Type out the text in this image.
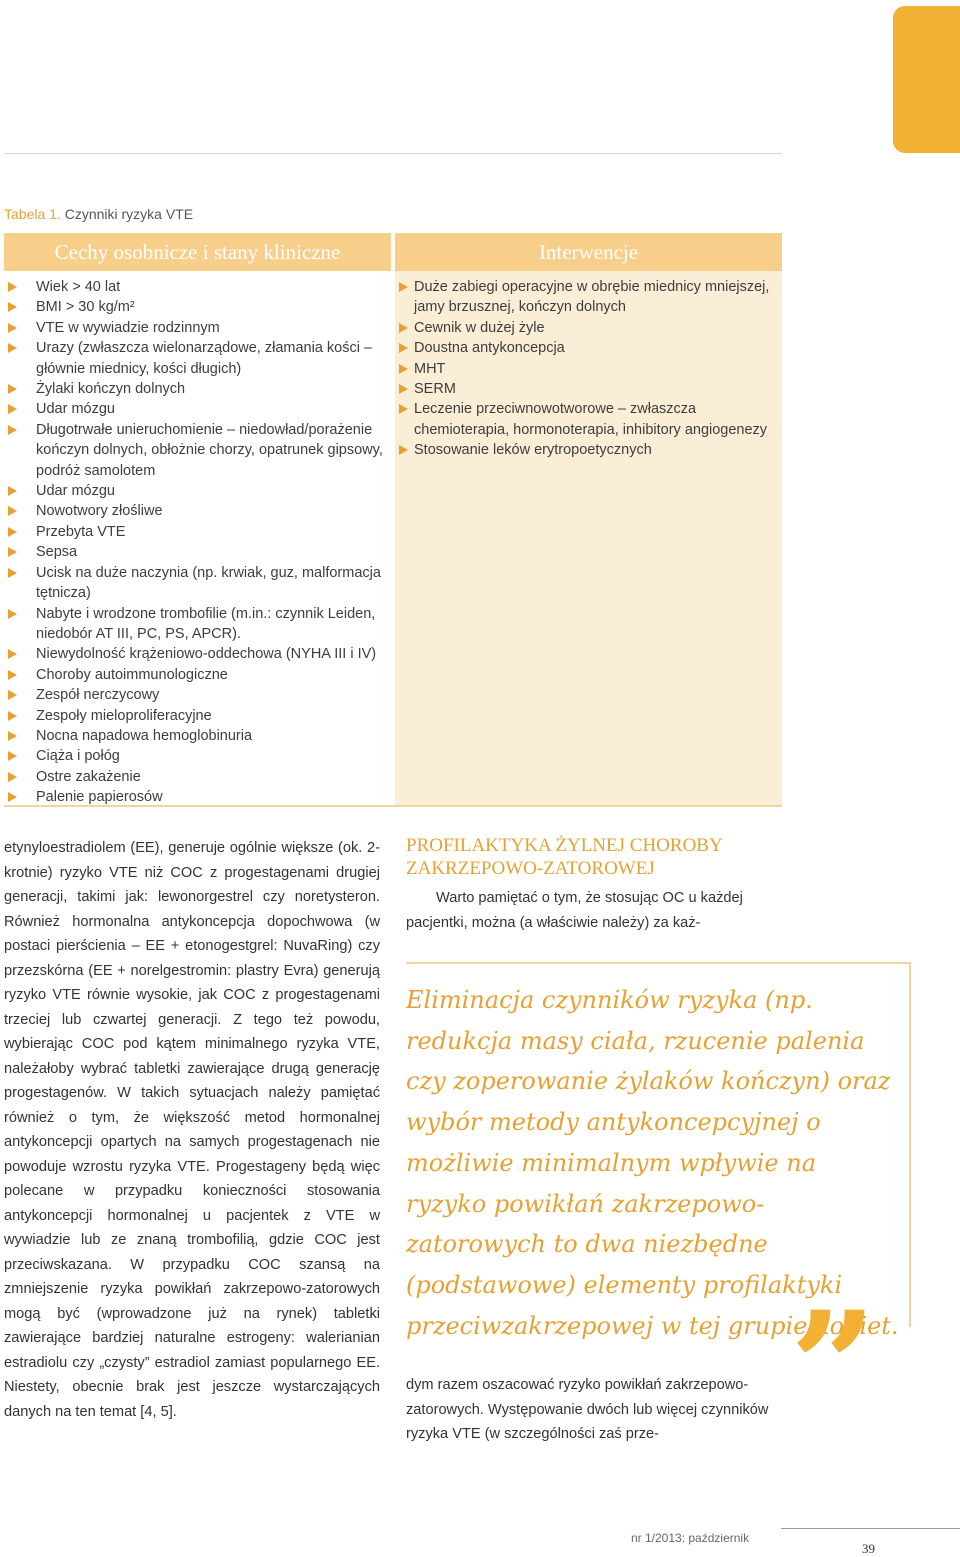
Tabela 1. Czynniki ryzyka VTE
Cechy osobnicze i stany kliniczne
Wiek > 40 lat
BMI > 30 kg/m²
VTE w wywiadzie rodzinnym
Urazy (zwłaszcza wielonarządowe, złamania kości – głównie miednicy, kości długich)
Żylaki kończyn dolnych
Udar mózgu
Długotrwałe unieruchomienie – niedowład/porażenie kończyn dolnych, obłożnie chorzy, opatrunek gipsowy, podróż samolotem
Udar mózgu
Nowotwory złośliwe
Przebyta VTE
Sepsa
Ucisk na duże naczynia (np. krwiak, guz, malformacja tętnicza)
Nabyte i wrodzone trombofilie (m.in.: czynnik Leiden, niedobór AT III, PC, PS, APCR).
Niewydolność krążeniowo-oddechowa (NYHA III i IV)
Choroby autoimmunologiczne
Zespół nerczycowy
Zespoły mieloproliferacyjne
Nocna napadowa hemoglobinuria
Ciąża i połóg
Ostre zakażenie
Palenie papierosów
Interwencje
Duże zabiegi operacyjne w obrębie miednicy mniejszej, jamy brzusznej, kończyn dolnych
Cewnik w dużej żyle
Doustna antykoncepcja
MHT
SERM
Leczenie przeciwnowotworowe – zwłaszcza chemioterapia, hormonoterapia, inhibitory angiogenezy
Stosowanie leków erytropoetycznych
etynyloestradiolem (EE), generuje ogólnie większe (ok. 2-krotnie) ryzyko VTE niż COC z progestagenami drugiej generacji, takimi jak: lewonorgestrel czy noretysteron. Również hormonalna antykoncepcja dopochwowa (w postaci pierścienia – EE + etonogestgrel: NuvaRing) czy przezskórna (EE + norelgestromin: plastry Evra) generują ryzyko VTE równie wysokie, jak COC z progestagenami trzeciej lub czwartej generacji. Z tego też powodu, wybierając COC pod kątem minimalnego ryzyka VTE, należałoby wybrać tabletki zawierające drugą generację progestagenów. W takich sytuacjach należy pamiętać również o tym, że większość metod hormonalnej antykoncepcji opartych na samych progestagenach nie powoduje wzrostu ryzyka VTE. Progestageny będą więc polecane w przypadku konieczności stosowania antykoncepcji hormonalnej u pacjentek z VTE w wywiadzie lub ze znaną trombofilią, gdzie COC jest przeciwskazana. W przypadku COC szansą na zmniejszenie ryzyka powikłań zakrzepowo-zatorowych mogą być (wprowadzone już na rynek) tabletki zawierające bardziej naturalne estrogeny: walerianian estradiolu czy „czysty” estradiol zamiast popularnego EE. Niestety, obecnie brak jest jeszcze wystarczających danych na ten temat [4, 5].
PROFILAKTYKA ŻYLNEJ CHOROBY ZAKRZEPOWO-ZATOROWEJ
Warto pamiętać o tym, że stosując OC u każdej pacjentki, można (a właściwie należy) za każ-
Eliminacja czynników ryzyka (np. redukcja masy ciała, rzucenie palenia czy zoperowanie żylaków kończyn) oraz wybór metody antykoncepcyjnej o możliwie minimalnym wpływie na ryzyko powikłań zakrzepowo-zatorowych to dwa niezbędne (podstawowe) elementy profilaktyki przeciwzakrzepowej w tej grupie kobiet.
”
dym razem oszacować ryzyko powikłań zakrzepowo-zatorowych. Występowanie dwóch lub więcej czynników ryzyka VTE (w szczególności zaś prze-
nr 1/2013: październik
39
